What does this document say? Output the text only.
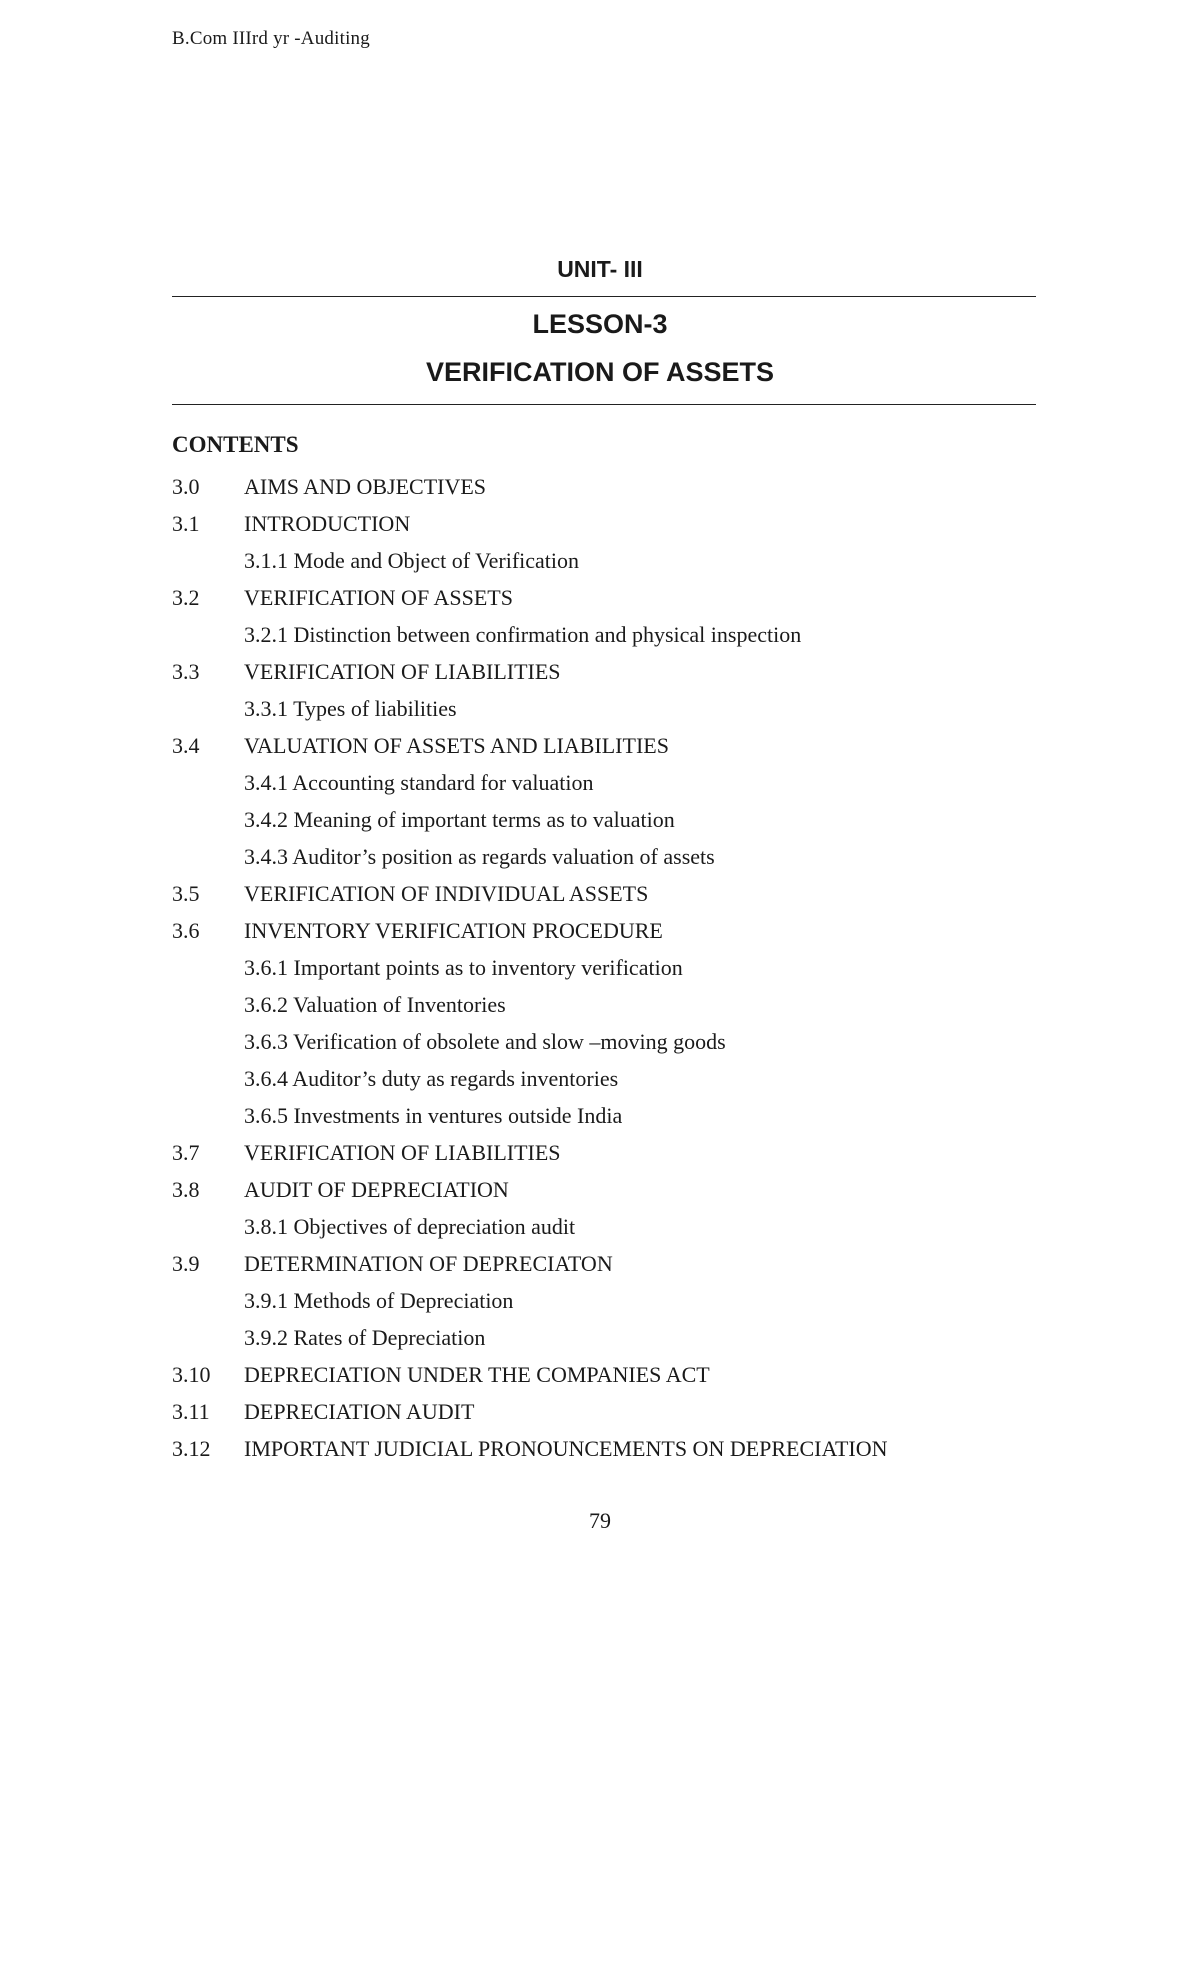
B.Com IIIrd yr -Auditing
UNIT- III
LESSON-3
VERIFICATION OF ASSETS
CONTENTS
3.0 AIMS AND OBJECTIVES
3.1 INTRODUCTION
3.1.1 Mode and Object of Verification
3.2 VERIFICATION OF ASSETS
3.2.1 Distinction between confirmation and physical inspection
3.3 VERIFICATION OF LIABILITIES
3.3.1 Types of liabilities
3.4 VALUATION OF ASSETS AND LIABILITIES
3.4.1 Accounting standard for valuation
3.4.2 Meaning of important terms as to valuation
3.4.3 Auditor’s position as regards valuation of assets
3.5 VERIFICATION OF INDIVIDUAL ASSETS
3.6 INVENTORY VERIFICATION PROCEDURE
3.6.1 Important points as to inventory verification
3.6.2 Valuation of Inventories
3.6.3 Verification of obsolete and slow –moving goods
3.6.4 Auditor’s duty as regards inventories
3.6.5 Investments in ventures outside India
3.7 VERIFICATION OF LIABILITIES
3.8 AUDIT OF DEPRECIATION
3.8.1 Objectives of depreciation audit
3.9 DETERMINATION OF DEPRECIATON
3.9.1 Methods of Depreciation
3.9.2 Rates of Depreciation
3.10 DEPRECIATION UNDER THE COMPANIES ACT
3.11 DEPRECIATION AUDIT
3.12 IMPORTANT JUDICIAL PRONOUNCEMENTS ON DEPRECIATION
79
